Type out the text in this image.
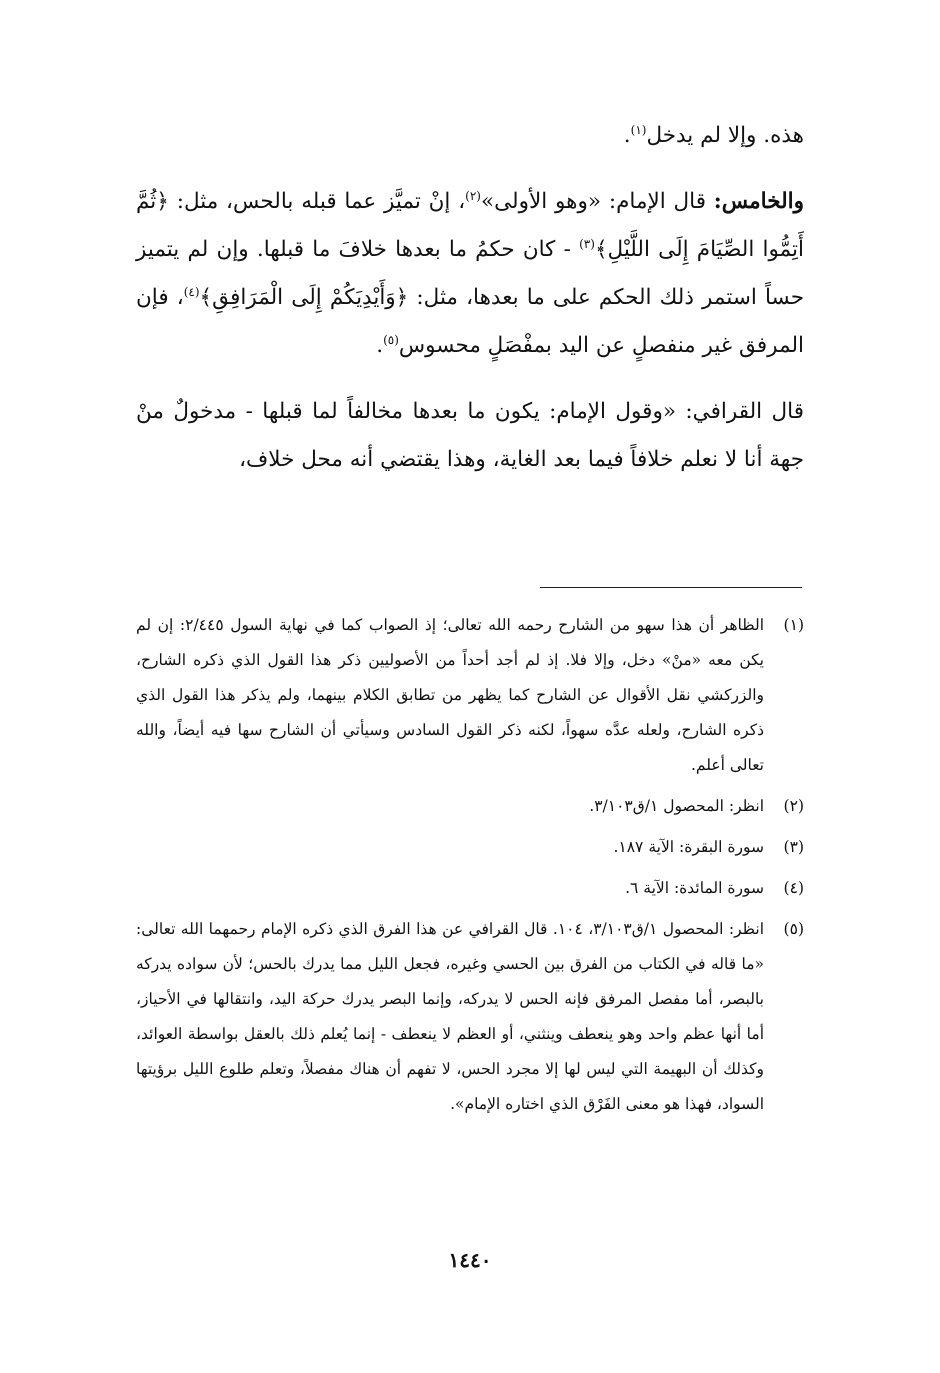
هذه. وإلا لم يدخل$^{(١)}$.

والخامس: قال الإمام: «وهو الأولى»$^{(٢)}$، إنْ تميَّز عما قبله بالحس، مثل: ﴿ثُمَّ أَتِمُّوا الصِّيَامَ إِلَى اللَّيْلِ﴾$^{(٣)}$ - كان حكمُ ما بعدها خلافَ ما قبلها. وإن لم يتميز حساً استمر ذلك الحكم على ما بعدها، مثل: ﴿وَأَيْدِيَكُمْ إِلَى الْمَرَافِقِ﴾$^{(٤)}$، فإن المرفق غير منفصلٍ عن اليد بمفْصَلٍ محسوس$^{(٥)}$.

قال القرافي: «وقول الإمام: يكون ما بعدها مخالفاً لما قبلها - مدخولٌ منْ جهة أنا لا نعلم خلافاً فيما بعد الغاية، وهذا يقتضي أنه محل خلاف،

(١)
الظاهر أن هذا سهو من الشارح رحمه الله تعالى؛ إذ الصواب كما في نهاية السول ٢/٤٤٥: إن لم يكن معه «منْ» دخل، وإلا فلا. إذ لم أجد أحداً من الأصوليين ذكر هذا القول الذي ذكره الشارح، والزركشي نقل الأقوال عن الشارح كما يظهر من تطابق الكلام بينهما، ولم يذكر هذا القول الذي ذكره الشارح، ولعله عدَّه سهواً، لكنه ذكر القول السادس وسيأتي أن الشارح سها فيه أيضاً، والله تعالى أعلم.
(٢)
انظر: المحصول ١/ق٣/١٠٣.
(٣)
سورة البقرة: الآية ١٨٧.
(٤)
سورة المائدة: الآية ٦.
(٥)
انظر: المحصول ١/ق٣/١٠٣، ١٠٤. قال القرافي عن هذا الفرق الذي ذكره الإمام رحمهما الله تعالى: «ما قاله في الكتاب من الفرق بين الحسي وغيره، فجعل الليل مما يدرك بالحس؛ لأن سواده يدركه بالبصر، أما مفصل المرفق فإنه الحس لا يدركه، وإنما البصر يدرك حركة اليد، وانتقالها في الأحياز، أما أنها عظم واحد وهو ينعطف وينثني، أو العظم لا ينعطف - إنما يُعلم ذلك بالعقل بواسطة العوائد، وكذلك أن البهيمة التي ليس لها إلا مجرد الحس، لا تفهم أن هناك مفصلاً، وتعلم طلوع الليل برؤيتها السواد، فهذا هو معنى الفَرْق الذي اختاره الإمام».
١٤٤٠
